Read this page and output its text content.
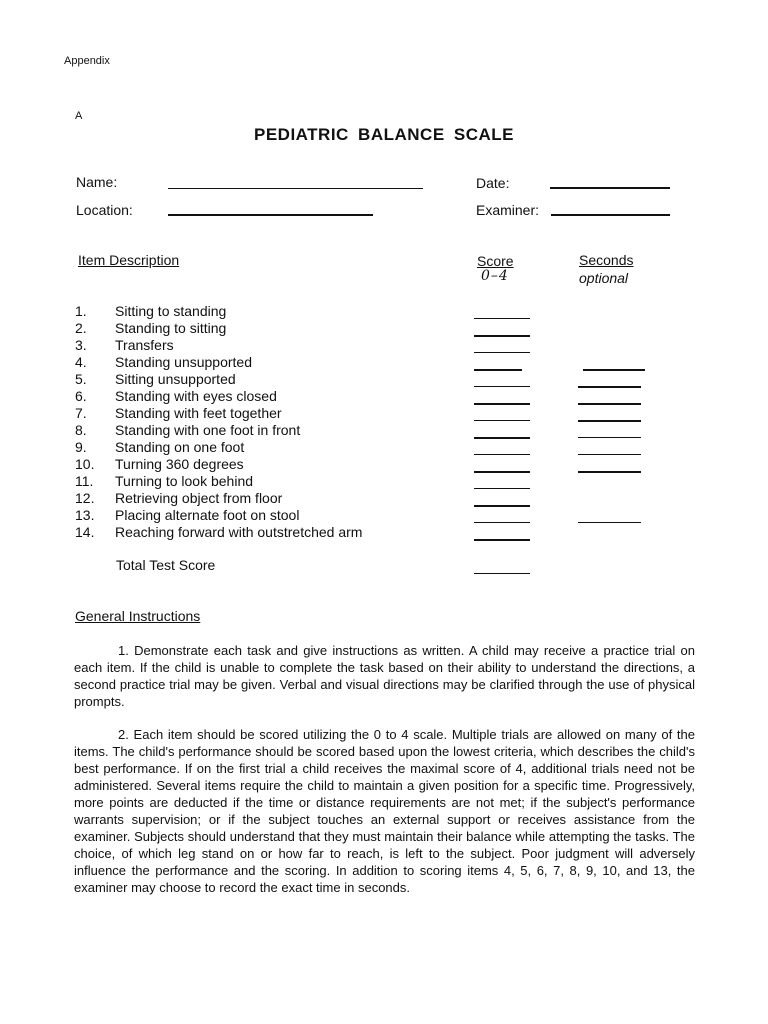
Appendix
A
PEDIATRIC BALANCE SCALE
Name:
Location:
Date:
Examiner:
Item Description	Score
0–4
Seconds
optional
Total Test Score
General Instructions

1. Demonstrate each task and give instructions as written. A child may receive a practice trial on each item. If the child is unable to complete the task based on their ability to understand the directions, a second practice trial may be given. Verbal and visual directions may be clarified through the use of physical prompts.

2. Each item should be scored utilizing the 0 to 4 scale. Multiple trials are allowed on many of the items. The child's performance should be scored based upon the lowest criteria, which describes the child's best performance. If on the first trial a child receives the maximal score of 4, additional trials need not be administered. Several items require the child to maintain a given position for a specific time. Progressively, more points are deducted if the time or distance requirements are not met; if the subject's performance warrants supervision; or if the subject touches an external support or receives assistance from the examiner. Subjects should understand that they must maintain their balance while attempting the tasks. The choice, of which leg stand on or how far to reach, is left to the subject. Poor judgment will adversely influence the performance and the scoring. In addition to scoring items 4, 5, 6, 7, 8, 9, 10, and 13, the examiner may choose to record the exact time in seconds.

1. Sitting to standing
2. Standing to sitting
3. Transfers
4. Standing unsupported
5. Sitting unsupported
6. Standing with eyes closed
7. Standing with feet together
8. Standing with one foot in front
9. Standing on one foot
10. Turning 360 degrees
11. Turning to look behind
12. Retrieving object from floor
13. Placing alternate foot on stool
14. Reaching forward with outstretched arm
